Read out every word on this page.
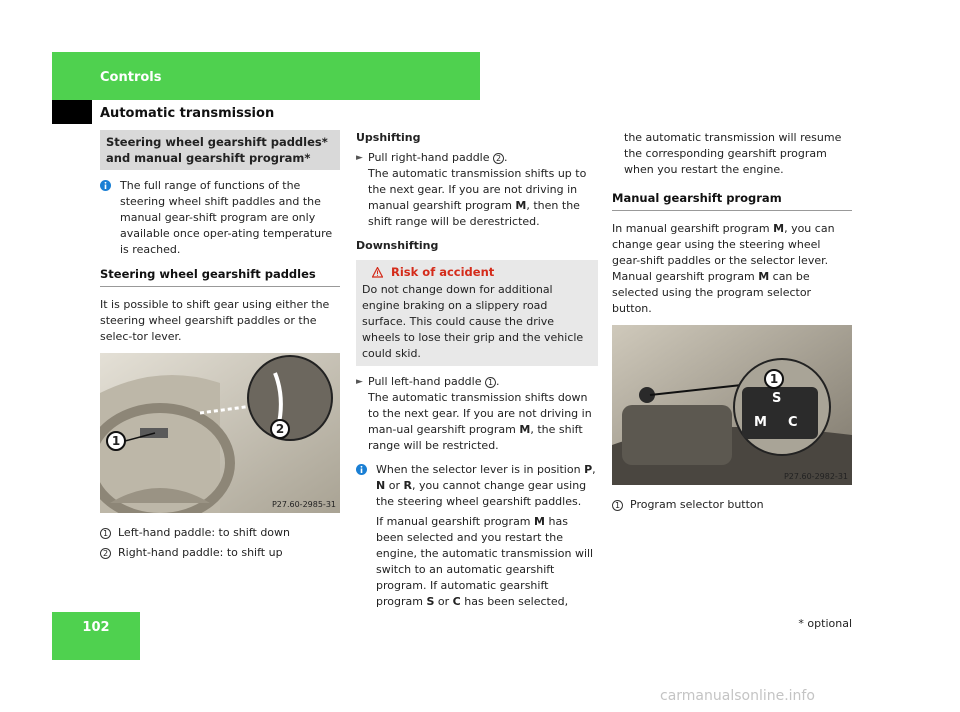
Controls
Automatic transmission
Steering wheel gearshift paddles* and manual gearshift program*
The full range of functions of the steering wheel shift paddles and the manual gear-shift program are only available once oper-ating temperature is reached.
Steering wheel gearshift paddles

It is possible to shift gear using either the steering wheel gearshift paddles or the selec-tor lever.

1
2
P27.60-2985-31
1 Left-hand paddle: to shift down
2 Right-hand paddle: to shift up
Upshifting
► Pull right-hand paddle 2 .

The automatic transmission shifts up to the next gear. If you are not driving in manual gearshift program M, then the shift range will be derestricted.

Downshifting
Risk of accident

Do not change down for additional engine braking on a slippery road surface. This could cause the drive wheels to lose their grip and the vehicle could skid.

► Pull left-hand paddle 1 .

The automatic transmission shifts down to the next gear. If you are not driving in man-ual gearshift program M, the shift range will be restricted.

When the selector lever is in position P, N or R, you cannot change gear using the steering wheel gearshift paddles.

If manual gearshift program M has been selected and you restart the engine, the automatic transmission will switch to an automatic gearshift program. If automatic gearshift program S or C has been selected,

the automatic transmission will resume the corresponding gearshift program when you restart the engine.

Manual gearshift program

In manual gearshift program M, you can change gear using the steering wheel gear-shift paddles or the selector lever. Manual gearshift program M can be selected using the program selector button.

1
S
M C
P27.60-2982-31
1 Program selector button
102	* optional
carmanualsonline.info
